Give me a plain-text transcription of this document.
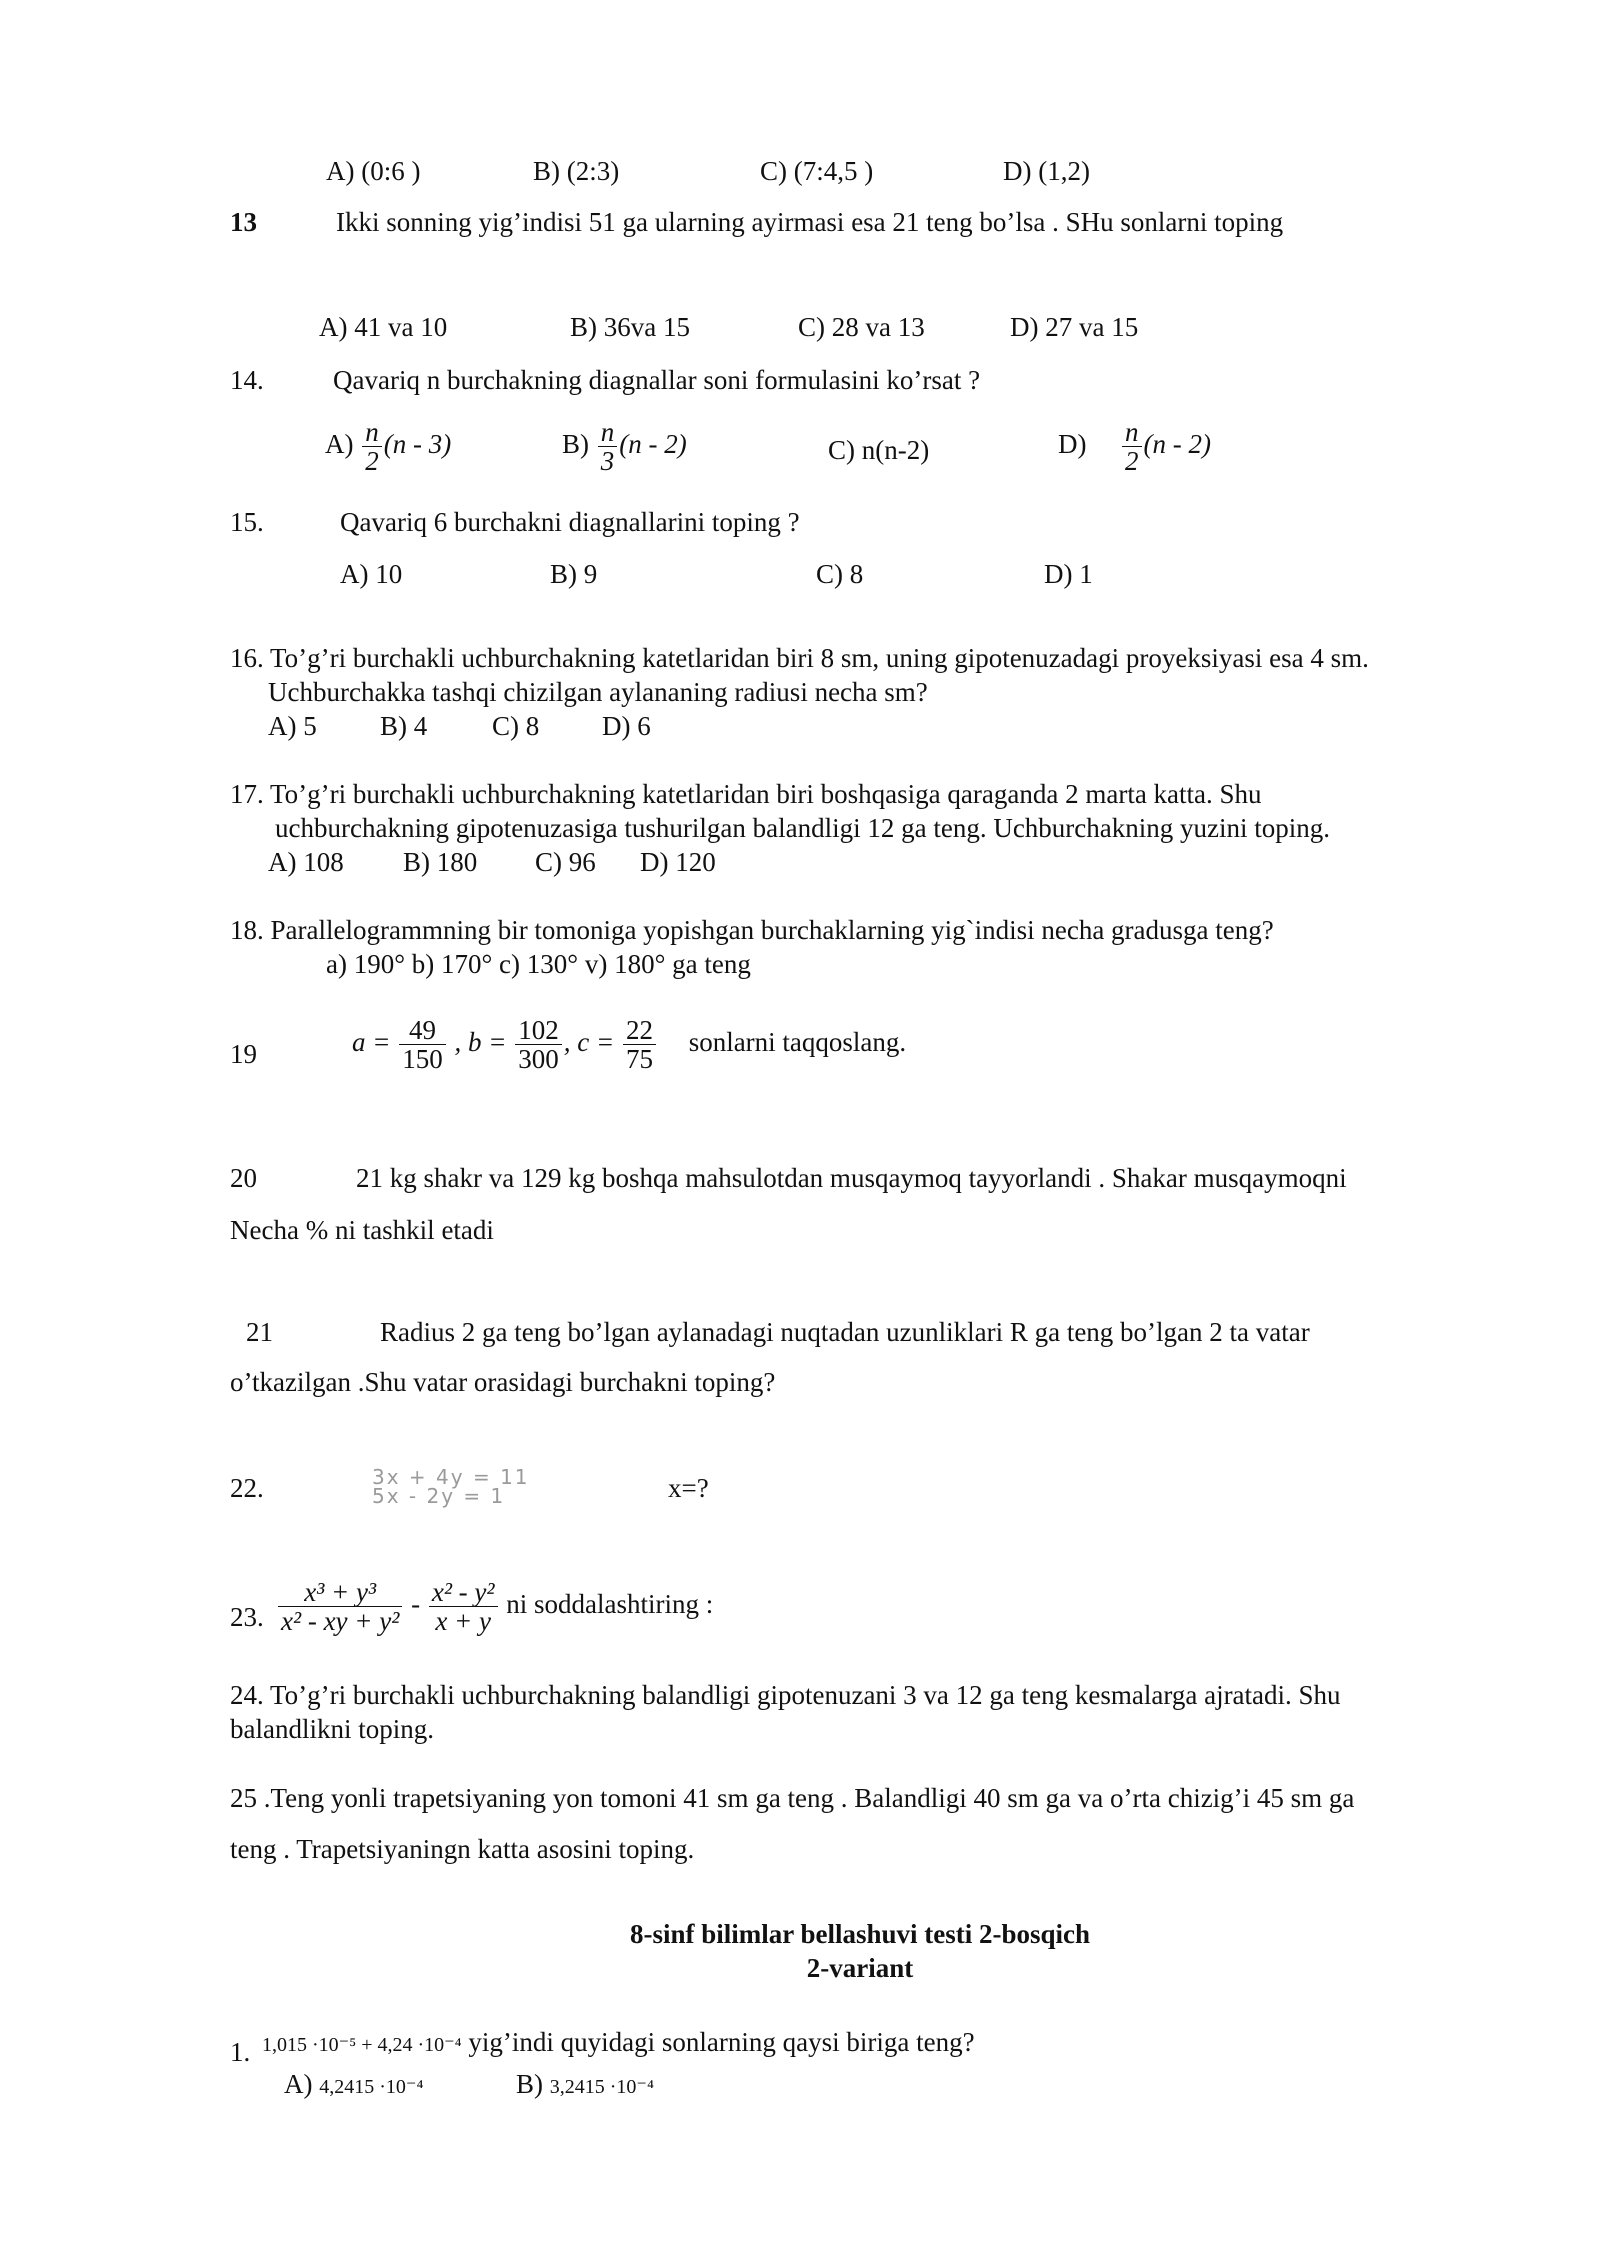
A) (0:6 )	B) (2:3)	C) (7:4,5 )	D) (1,2)
13	Ikki sonning yig’indisi 51 ga ularning ayirmasi esa 21 teng bo’lsa . SHu sonlarni toping
A) 41 va 10	B) 36va 15	C) 28 va 13	D) 27 va 15
14.	Qavariq n burchakning diagnallar soni formulasini ko’rsat ?
$A) \frac{n}{2} (n - 3)$	$B) \frac{n}{3} (n - 2)$	C) n(n-2)	$D) \frac{n}{2} (n - 2)$
15.	Qavariq 6 burchakni diagnallarini toping ?
A) 10	B) 9	C) 8	D) 1
16. To’g’ri burchakli uchburchakning katetlaridan biri 8 sm, uning gipotenuzadagi proyeksiyasi esa 4 sm.
Uchburchakka tashqi chizilgan aylananing radiusi necha sm?
A) 5 B) 4 C) 8 D) 6
17. To’g’ri burchakli uchburchakning katetlaridan biri boshqasiga qaraganda 2 marta katta. Shu
uchburchakning gipotenuzasiga tushurilgan balandligi 12 ga teng. Uchburchakning yuzini toping.
A) 108 B) 180 C) 96 D) 120
18. Parallelogrammning bir tomoniga yopishgan burchaklarning yig`indisi necha gradusga teng?
a) 190° b) 170° c) 130° v) 180° ga teng
19	$a = \frac{49}{150}$ , $b = \frac{102}{300}$ , $c = \frac{22}{75}$ sonlarni taqqoslang.
20	21 kg shakr va 129 kg boshqa mahsulotdan musqaymoq tayyorlandi . Shakar musqaymoqni
Necha % ni tashkil etadi
21	Radius 2 ga teng bo’lgan aylanadagi nuqtadan uzunliklari R ga teng bo’lgan 2 ta vatar
o’tkazilgan .Shu vatar orasidagi burchakni toping?
22.	3x + 4y = 11
5x - 2y = 1	x=?
23. $\frac{\text{x³ + y³}}{\text{x² - xy + y²}} - \frac{\text{x² - y²}}{x + y}$ ni soddalashtiring :
24. To’g’ri burchakli uchburchakning balandligi gipotenuzani 3 va 12 ga teng kesmalarga ajratadi. Shu
balandlikni toping.
25 .Teng yonli trapetsiyaning yon tomoni 41 sm ga teng . Balandligi 40 sm ga va o’rta chizig’i 45 sm ga
teng . Trapetsiyaningn katta asosini toping.
8-sinf bilimlar bellashuvi testi 2-bosqich
2-variant
1. 1,015 ·10⁻⁵ + 4,24 ·10⁻⁴ yig’indi quyidagi sonlarning qaysi biriga teng?
A) 4,2415 ·10⁻⁴	B) 3,2415 ·10⁻⁴
